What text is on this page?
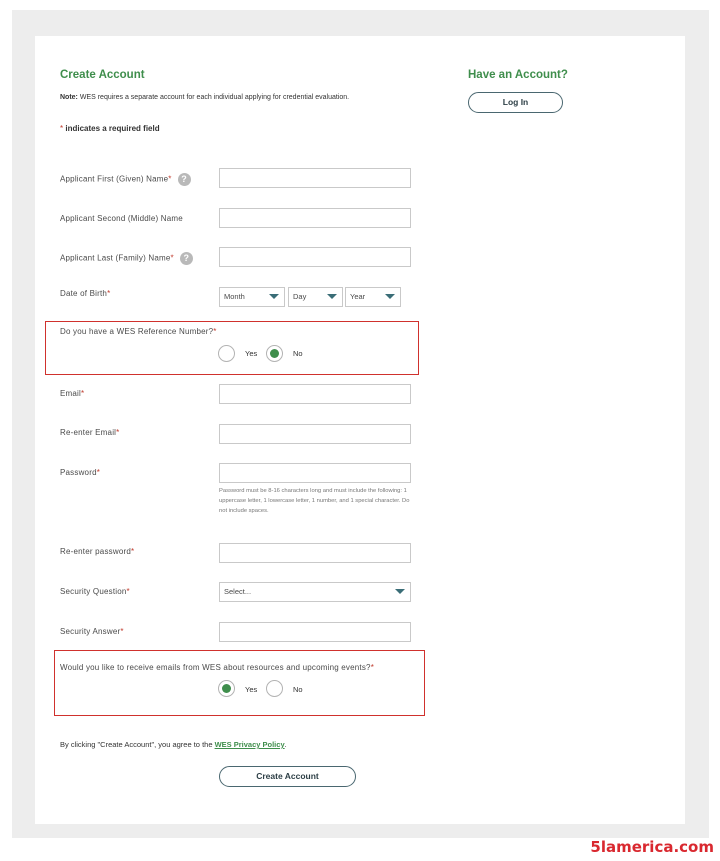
Create Account
Note: WES requires a separate account for each individual applying for credential evaluation.
* indicates a required field
Have an Account?
Log In
Applicant First (Given) Name* ?
Applicant Second (Middle) Name
Applicant Last (Family) Name* ?
Date of Birth*	Month	Day	Year
Do you have a WES Reference Number?*
Yes	No
Email*
Re-enter Email*
Password*
Password must be 8-16 characters long and must include the following: 1 uppercase letter, 1 lowercase letter, 1 number, and 1 special character. Do not include spaces.
Re-enter password*
Security Question*	Select...
Security Answer*
Would you like to receive emails from WES about resources and upcoming events?*
Yes	No
By clicking "Create Account", you agree to the WES Privacy Policy.
Create Account
5lamerica.com
